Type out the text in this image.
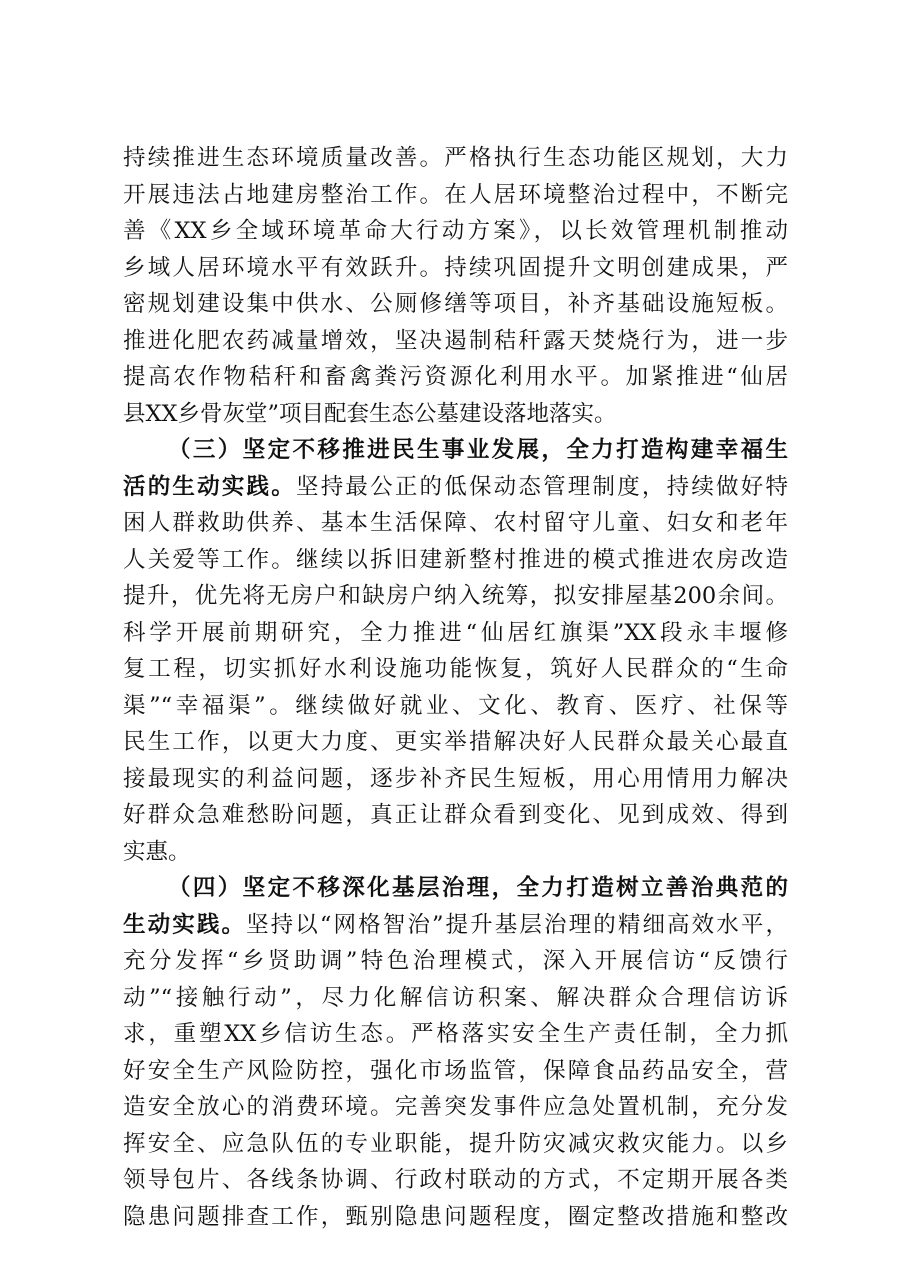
持续推进生态环境质量改善。严格执行生态功能区规划，大力
开展违法占地建房整治工作。在人居环境整治过程中，不断完
善《XX乡全域环境革命大行动方案》，以长效管理机制推动
乡域人居环境水平有效跃升。持续巩固提升文明创建成果，严
密规划建设集中供水、公厕修缮等项目，补齐基础设施短板。
推进化肥农药减量增效，坚决遏制秸秆露天焚烧行为，进一步
提高农作物秸秆和畜禽粪污资源化利用水平。加紧推进“仙居
县XX乡骨灰堂”项目配套生态公墓建设落地落实。
（三）坚定不移推进民生事业发展，全力打造构建幸福生
活的生动实践。坚持最公正的低保动态管理制度，持续做好特
困人群救助供养、基本生活保障、农村留守儿童、妇女和老年
人关爱等工作。继续以拆旧建新整村推进的模式推进农房改造
提升，优先将无房户和缺房户纳入统筹，拟安排屋基200余间。
科学开展前期研究，全力推进“仙居红旗渠”XX段永丰堰修
复工程，切实抓好水利设施功能恢复，筑好人民群众的“生命
渠”“幸福渠”。继续做好就业、文化、教育、医疗、社保等
民生工作，以更大力度、更实举措解决好人民群众最关心最直
接最现实的利益问题，逐步补齐民生短板，用心用情用力解决
好群众急难愁盼问题，真正让群众看到变化、见到成效、得到
实惠。
（四）坚定不移深化基层治理，全力打造树立善治典范的
生动实践。坚持以“网格智治”提升基层治理的精细高效水平，
充分发挥“乡贤助调”特色治理模式，深入开展信访“反馈行
动”“接触行动”，尽力化解信访积案、解决群众合理信访诉
求，重塑XX乡信访生态。严格落实安全生产责任制，全力抓
好安全生产风险防控，强化市场监管，保障食品药品安全，营
造安全放心的消费环境。完善突发事件应急处置机制，充分发
挥安全、应急队伍的专业职能，提升防灾减灾救灾能力。以乡
领导包片、各线条协调、行政村联动的方式，不定期开展各类
隐患问题排查工作，甄别隐患问题程度，圈定整改措施和整改
